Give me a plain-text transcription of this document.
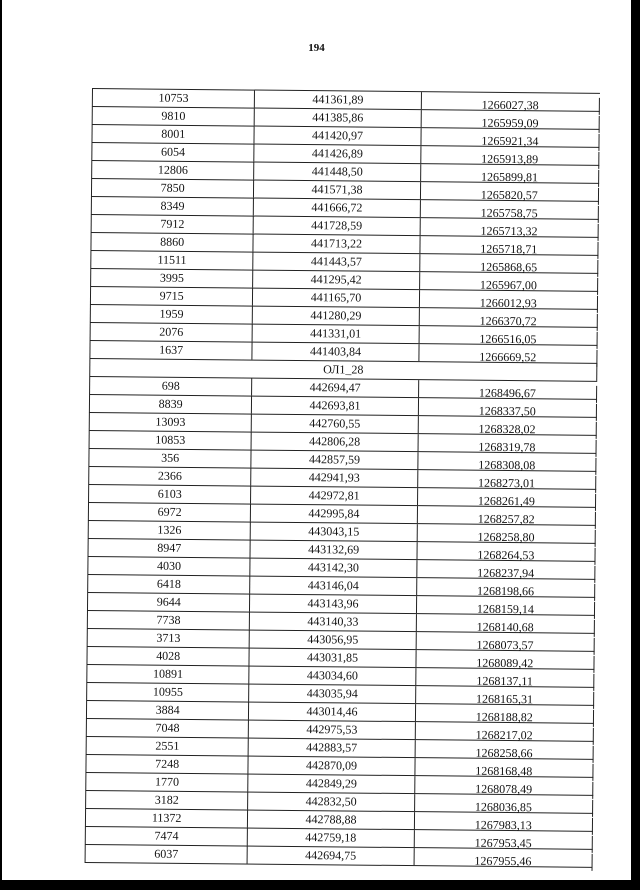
194
10753	441361,89	1266027,38
9810	441385,86	1265959,09
8001	441420,97	1265921,34
6054	441426,89	1265913,89
12806	441448,50	1265899,81
7850	441571,38	1265820,57
8349	441666,72	1265758,75
7912	441728,59	1265713,32
8860	441713,22	1265718,71
11511	441443,57	1265868,65
3995	441295,42	1265967,00
9715	441165,70	1266012,93
1959	441280,29	1266370,72
2076	441331,01	1266516,05
1637	441403,84	1266669,52
ОЛ1_28
698	442694,47	1268496,67
8839	442693,81	1268337,50
13093	442760,55	1268328,02
10853	442806,28	1268319,78
356	442857,59	1268308,08
2366	442941,93	1268273,01
6103	442972,81	1268261,49
6972	442995,84	1268257,82
1326	443043,15	1268258,80
8947	443132,69	1268264,53
4030	443142,30	1268237,94
6418	443146,04	1268198,66
9644	443143,96	1268159,14
7738	443140,33	1268140,68
3713	443056,95	1268073,57
4028	443031,85	1268089,42
10891	443034,60	1268137,11
10955	443035,94	1268165,31
3884	443014,46	1268188,82
7048	442975,53	1268217,02
2551	442883,57	1268258,66
7248	442870,09	1268168,48
1770	442849,29	1268078,49
3182	442832,50	1268036,85
11372	442788,88	1267983,13
7474	442759,18	1267953,45
6037	442694,75	1267955,46
